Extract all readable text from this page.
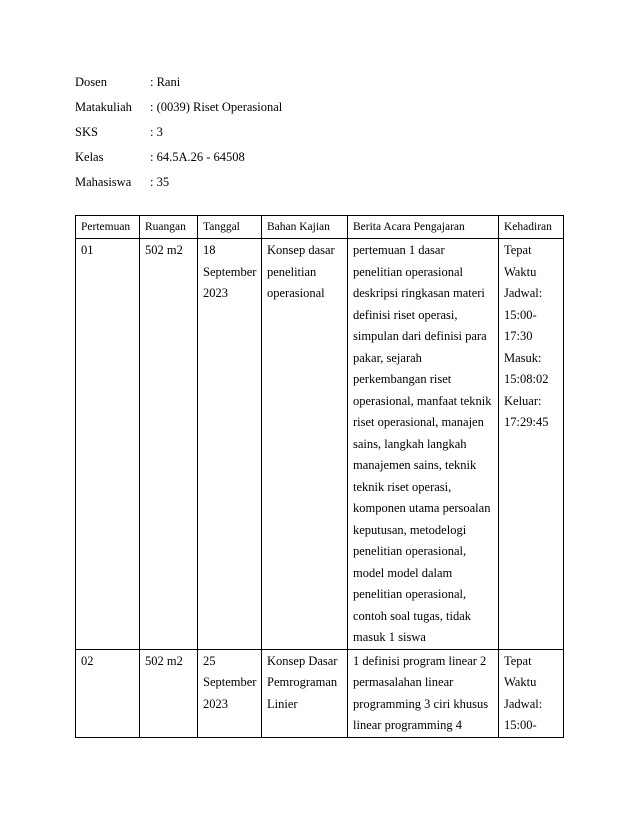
Dosen	: Rani
Matakuliah	: (0039) Riset Operasional
SKS	: 3
Kelas	: 64.5A.26 - 64508
Mahasiswa	: 35
Pertemuan	Ruangan	Tanggal	Bahan Kajian	Berita Acara Pengajaran	Kehadiran
01	502 m2	18 September 2023	Konsep dasar penelitian operasional	pertemuan 1 dasar penelitian operasional deskripsi ringkasan materi definisi riset operasi, simpulan dari definisi para pakar, sejarah perkembangan riset operasional, manfaat teknik riset operasional, manajen sains, langkah langkah manajemen sains, teknik teknik riset operasi, komponen utama persoalan keputusan, metodelogi penelitian operasional, model model dalam penelitian operasional, contoh soal tugas, tidak masuk 1 siswa	Tepat Waktu Jadwal: 15:00-17:30 Masuk: 15:08:02 Keluar: 17:29:45
02	502 m2	25 September 2023	Konsep Dasar Pemrograman Linier	1 definisi program linear 2 permasalahan linear programming 3 ciri khusus linear programming 4	Tepat Waktu Jadwal: 15:00-
